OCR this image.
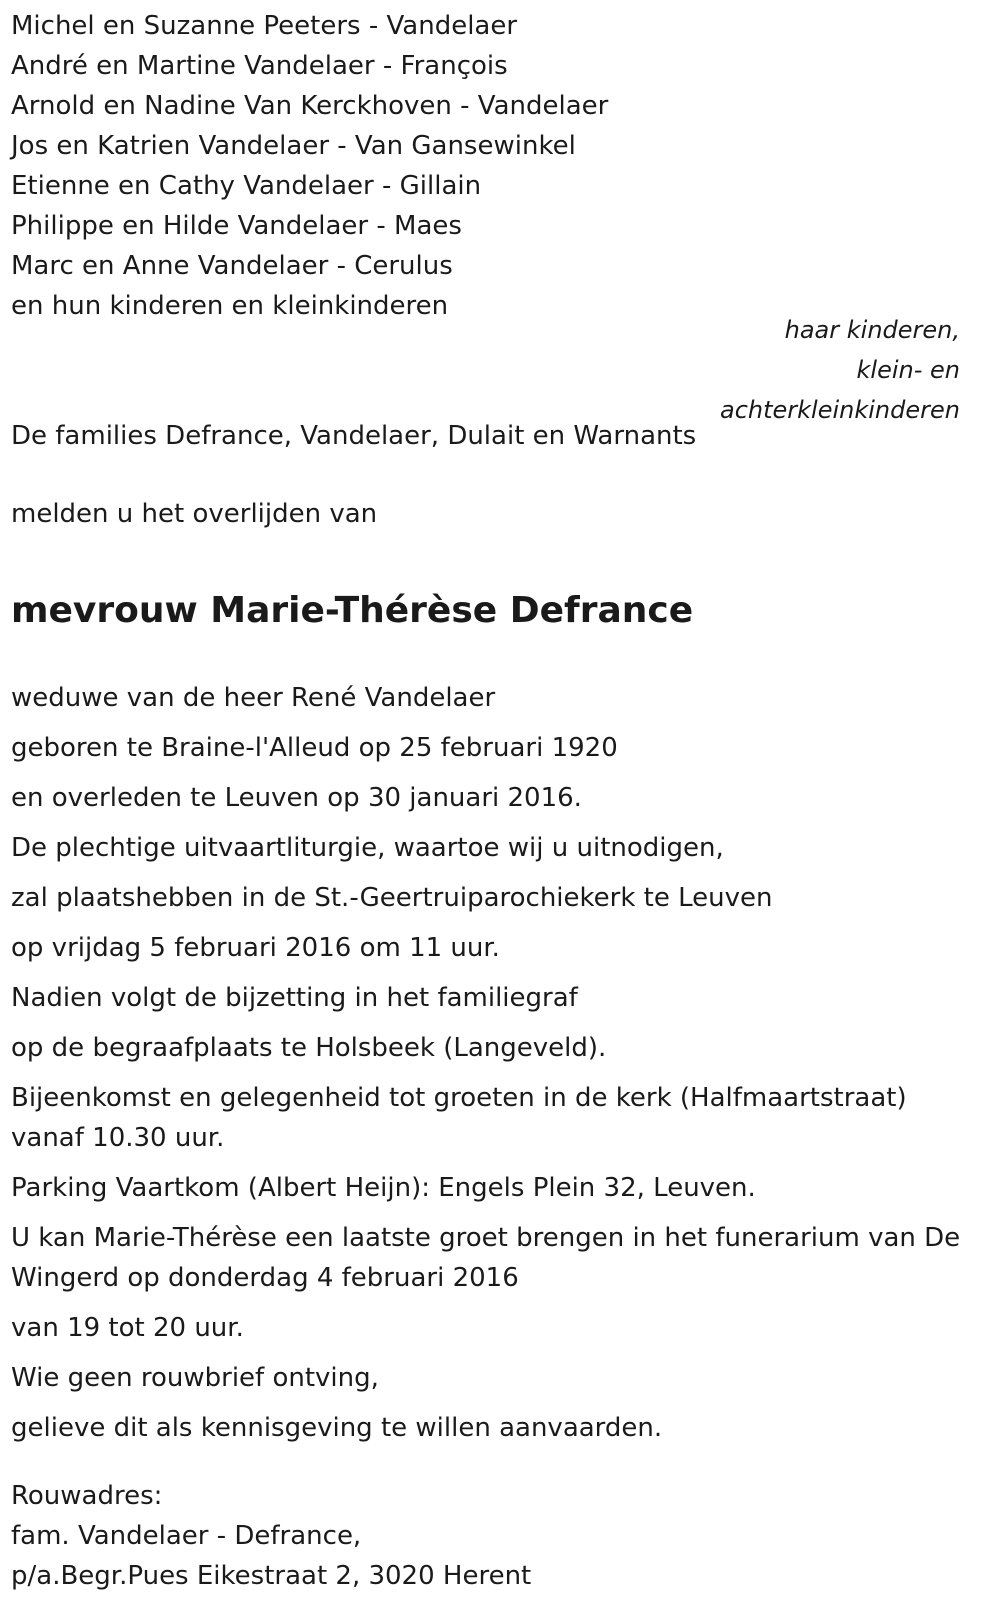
Michel en Suzanne Peeters - Vandelaer
André en Martine Vandelaer - François
Arnold en Nadine Van Kerckhoven - Vandelaer
Jos en Katrien Vandelaer - Van Gansewinkel
Etienne en Cathy Vandelaer - Gillain
Philippe en Hilde Vandelaer - Maes
Marc en Anne Vandelaer - Cerulus
en hun kinderen en kleinkinderen
haar kinderen,
klein- en
achterkleinkinderen
De families Defrance, Vandelaer, Dulait en Warnants
melden u het overlijden van
mevrouw Marie-Thérèse Defrance
weduwe van de heer René Vandelaer
geboren te Braine-l'Alleud op 25 februari 1920
en overleden te Leuven op 30 januari 2016.
De plechtige uitvaartliturgie, waartoe wij u uitnodigen,
zal plaatshebben in de St.-Geertruiparochiekerk te Leuven
op vrijdag 5 februari 2016 om 11 uur.
Nadien volgt de bijzetting in het familiegraf
op de begraafplaats te Holsbeek (Langeveld).
Bijeenkomst en gelegenheid tot groeten in de kerk (Halfmaartstraat) vanaf 10.30 uur.
Parking Vaartkom (Albert Heijn): Engels Plein 32, Leuven.
U kan Marie-Thérèse een laatste groet brengen in het funerarium van De Wingerd op donderdag 4 februari 2016
van 19 tot 20 uur.
Wie geen rouwbrief ontving,
gelieve dit als kennisgeving te willen aanvaarden.
Rouwadres:
fam. Vandelaer - Defrance,
p/a.Begr.Pues Eikestraat 2, 3020 Herent
